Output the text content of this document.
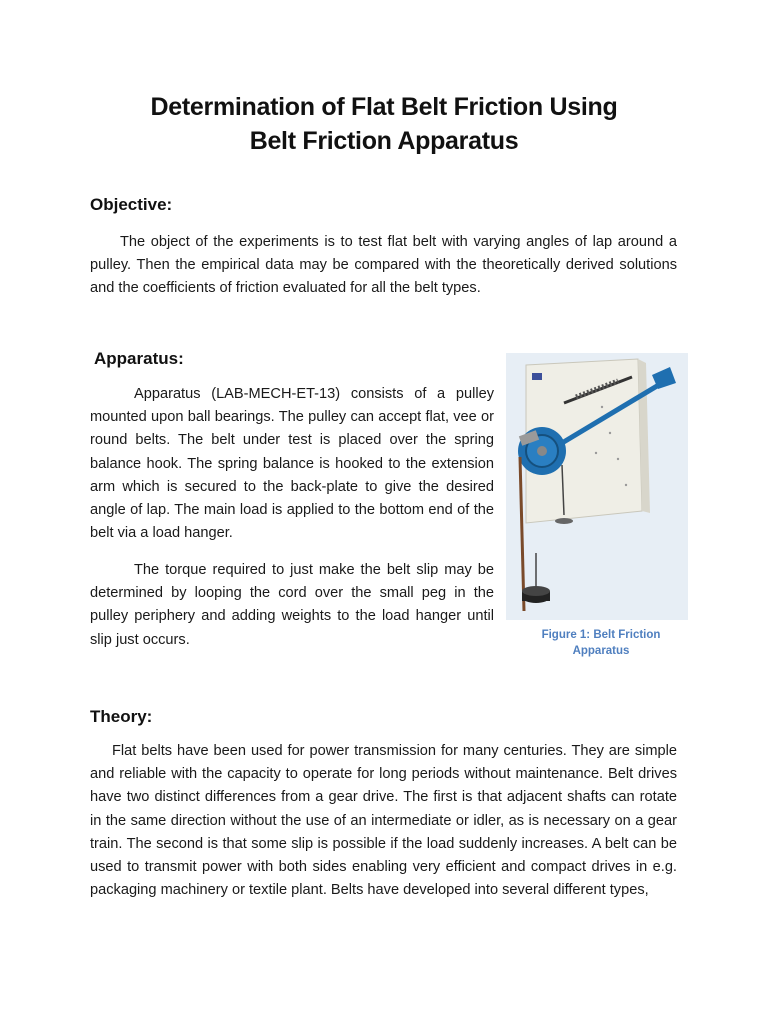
Determination of Flat Belt Friction Using
Belt Friction Apparatus
Objective:
The object of the experiments is to test flat belt with varying angles of lap around a pulley. Then the empirical data may be compared with the theoretically derived solutions and the coefficients of friction evaluated for all the belt types.
Apparatus:
Apparatus (LAB-MECH-ET-13) consists of a pulley mounted upon ball bearings. The pulley can accept flat, vee or round belts. The belt under test is placed over the spring balance hook. The spring balance is hooked to the extension arm which is secured to the back-plate to give the desired angle of lap. The main load is applied to the bottom end of the belt via a load hanger.
The torque required to just make the belt slip may be determined by looping the cord over the small peg in the pulley periphery and adding weights to the load hanger until slip just occurs.	Figure 1: Belt Friction
Apparatus
Theory:
Flat belts have been used for power transmission for many centuries. They are simple and reliable with the capacity to operate for long periods without maintenance. Belt drives have two distinct differences from a gear drive. The first is that adjacent shafts can rotate in the same direction without the use of an intermediate or idler, as is necessary on a gear train. The second is that some slip is possible if the load suddenly increases. A belt can be used to transmit power with both sides enabling very efficient and compact drives in e.g. packaging machinery or textile plant. Belts have developed into several different types,
